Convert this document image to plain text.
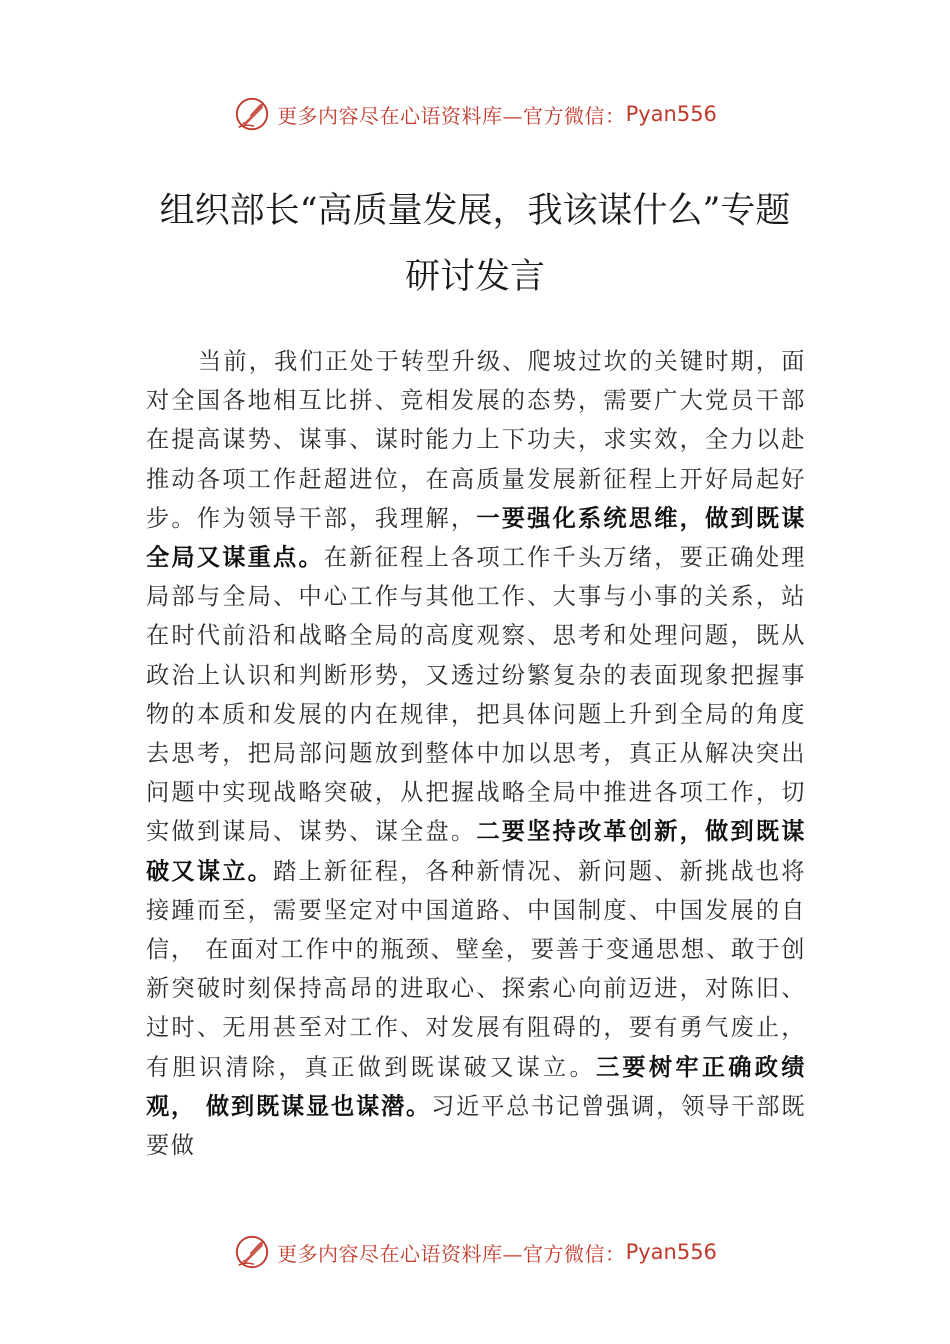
更多内容尽在心语资料库—官方微信： Pyan556
组织部长“高质量发展，我该谋什么”专题
研讨发言

当前，我们正处于转型升级、爬坡过坎的关键时期，面对全国各地相互比拼、竞相发展的态势，需要广大党员干部在提高谋势、谋事、谋时能力上下功夫，求实效，全力以赴推动各项工作赶超进位，在高质量发展新征程上开好局起好步。作为领导干部，我理解，一要强化系统思维，做到既谋全局又谋重点。在新征程上各项工作千头万绪，要正确处理局部与全局、中心工作与其他工作、大事与小事的关系，站在时代前沿和战略全局的高度观察、思考和处理问题，既从政治上认识和判断形势，又透过纷繁复杂的表面现象把握事物的本质和发展的内在规律，把具体问题上升到全局的角度去思考，把局部问题放到整体中加以思考，真正从解决突出问题中实现战略突破，从把握战略全局中推进各项工作，切实做到谋局、谋势、谋全盘。二要坚持改革创新，做到既谋破又谋立。踏上新征程，各种新情况、新问题、新挑战也将接踵而至，需要坚定对中国道路、中国制度、中国发展的自信， 在面对工作中的瓶颈、壁垒，要善于变通思想、敢于创新突破时刻保持高昂的进取心、探索心向前迈进，对陈旧、 过时、无用甚至对工作、对发展有阻碍的，要有勇气废止， 有胆识清除，真正做到既谋破又谋立。三要树牢正确政绩观， 做到既谋显也谋潜。习近平总书记曾强调，领导干部既要做

更多内容尽在心语资料库—官方微信： Pyan556
